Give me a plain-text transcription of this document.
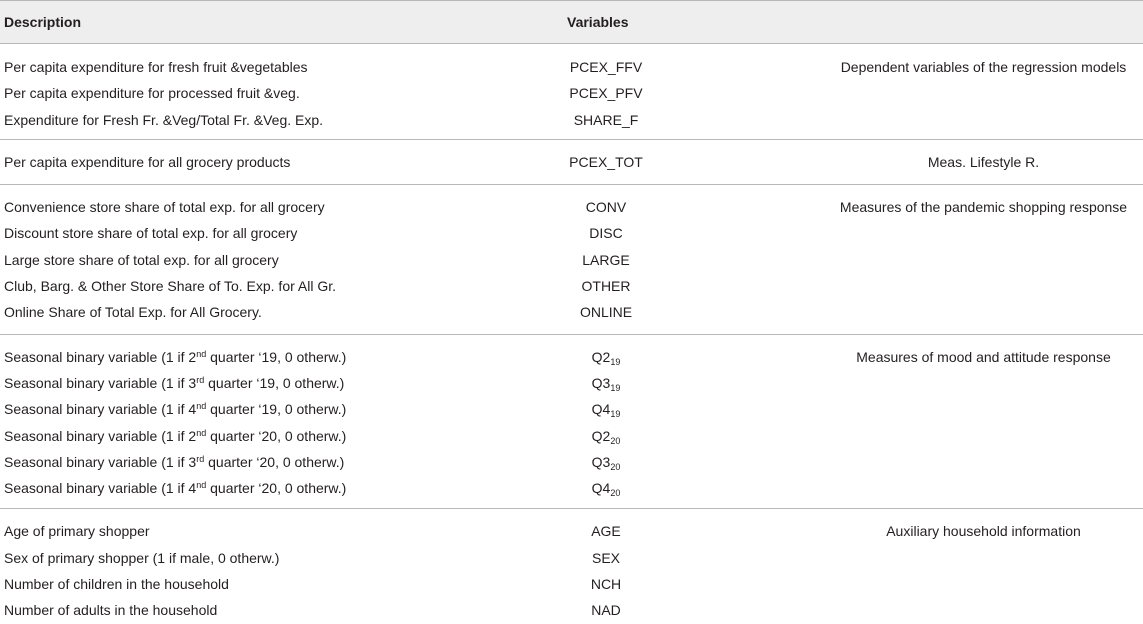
Description	Variables
Per capita expenditure for fresh fruit &vegetables	PCEX_FFV	Dependent variables of the regression models
Per capita expenditure for processed fruit &veg.	PCEX_PFV
Expenditure for Fresh Fr. &Veg/Total Fr. &Veg. Exp.	SHARE_F
Per capita expenditure for all grocery products	PCEX_TOT	Meas. Lifestyle R.
Convenience store share of total exp. for all grocery	CONV	Measures of the pandemic shopping response
Discount store share of total exp. for all grocery	DISC
Large store share of total exp. for all grocery	LARGE
Club, Barg. & Other Store Share of To. Exp. for All Gr.	OTHER
Online Share of Total Exp. for All Grocery.	ONLINE
Seasonal binary variable (1 if 2nd quarter ‘19, 0 otherw.)	$Q2_{19}$	Measures of mood and attitude response
Seasonal binary variable (1 if 3rd quarter ‘19, 0 otherw.)	$Q3_{19}$
Seasonal binary variable (1 if 4nd quarter ‘19, 0 otherw.)	$Q4_{19}$
Seasonal binary variable (1 if 2nd quarter ‘20, 0 otherw.)	$Q2_{20}$
Seasonal binary variable (1 if 3rd quarter ‘20, 0 otherw.)	$Q3_{20}$
Seasonal binary variable (1 if 4nd quarter ‘20, 0 otherw.)	$Q4_{20}$
Age of primary shopper	AGE	Auxiliary household information
Sex of primary shopper (1 if male, 0 otherw.)	SEX
Number of children in the household	NCH
Number of adults in the household	NAD
